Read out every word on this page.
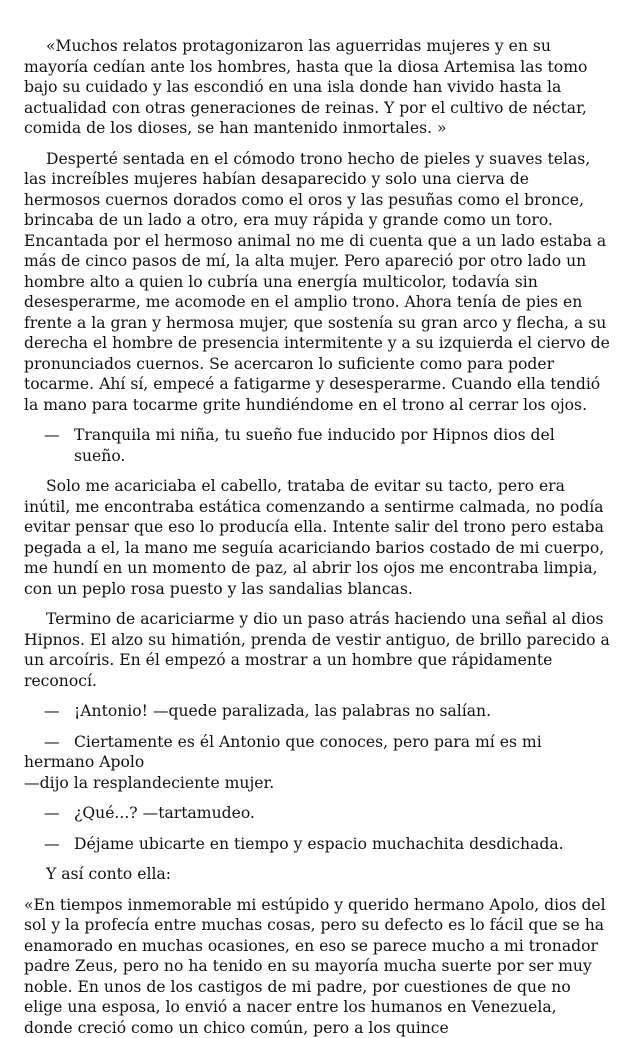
«Muchos relatos protagonizaron las aguerridas mujeres y en su mayoría cedían ante los hombres, hasta que la diosa Artemisa las tomo bajo su cuidado y las escondió en una isla donde han vivido hasta la actualidad con otras generaciones de reinas. Y por el cultivo de néctar, comida de los dioses, se han mantenido inmortales. »

Desperté sentada en el cómodo trono hecho de pieles y suaves telas, las increíbles mujeres habían desaparecido y solo una cierva de hermosos cuernos dorados como el oros y las pesuñas como el bronce, brincaba de un lado a otro, era muy rápida y grande como un toro. Encantada por el hermoso animal no me di cuenta que a un lado estaba a más de cinco pasos de mí, la alta mujer. Pero apareció por otro lado un hombre alto a quien lo cubría una energía multicolor, todavía sin desesperarme, me acomode en el amplio trono. Ahora tenía de pies en frente a la gran y hermosa mujer, que sostenía su gran arco y flecha, a su derecha el hombre de presencia intermitente y a su izquierda el ciervo de pronunciados cuernos. Se acercaron lo suficiente como para poder tocarme. Ahí sí, empecé a fatigarme y desesperarme. Cuando ella tendió la mano para tocarme grite hundiéndome en el trono al cerrar los ojos.

— Tranquila mi niña, tu sueño fue inducido por Hipnos dios del sueño.

Solo me acariciaba el cabello, trataba de evitar su tacto, pero era inútil, me encontraba estática comenzando a sentirme calmada, no podía evitar pensar que eso lo producía ella. Intente salir del trono pero estaba pegada a el, la mano me seguía acariciando barios costado de mi cuerpo, me hundí en un momento de paz, al abrir los ojos me encontraba limpia, con un peplo rosa puesto y las sandalias blancas.

Termino de acariciarme y dio un paso atrás haciendo una señal al dios Hipnos. El alzo su himatión, prenda de vestir antiguo, de brillo parecido a un arcoíris. En él empezó a mostrar a un hombre que rápidamente reconocí.

— ¡Antonio! —quede paralizada, las palabras no salían.
— Ciertamente es él Antonio que conoces, pero para mí es mi hermano Apolo
—dijo la resplandeciente mujer.
— ¿Qué...? —tartamudeo.
— Déjame ubicarte en tiempo y espacio muchachita desdichada.

Y así conto ella:

«En tiempos inmemorable mi estúpido y querido hermano Apolo, dios del sol y la profecía entre muchas cosas, pero su defecto es lo fácil que se ha enamorado en muchas ocasiones, en eso se parece mucho a mi tronador padre Zeus, pero no ha tenido en su mayoría mucha suerte por ser muy noble. En unos de los castigos de mi padre, por cuestiones de que no elige una esposa, lo envió a nacer entre los humanos en Venezuela, donde creció como un chico común, pero a los quince
